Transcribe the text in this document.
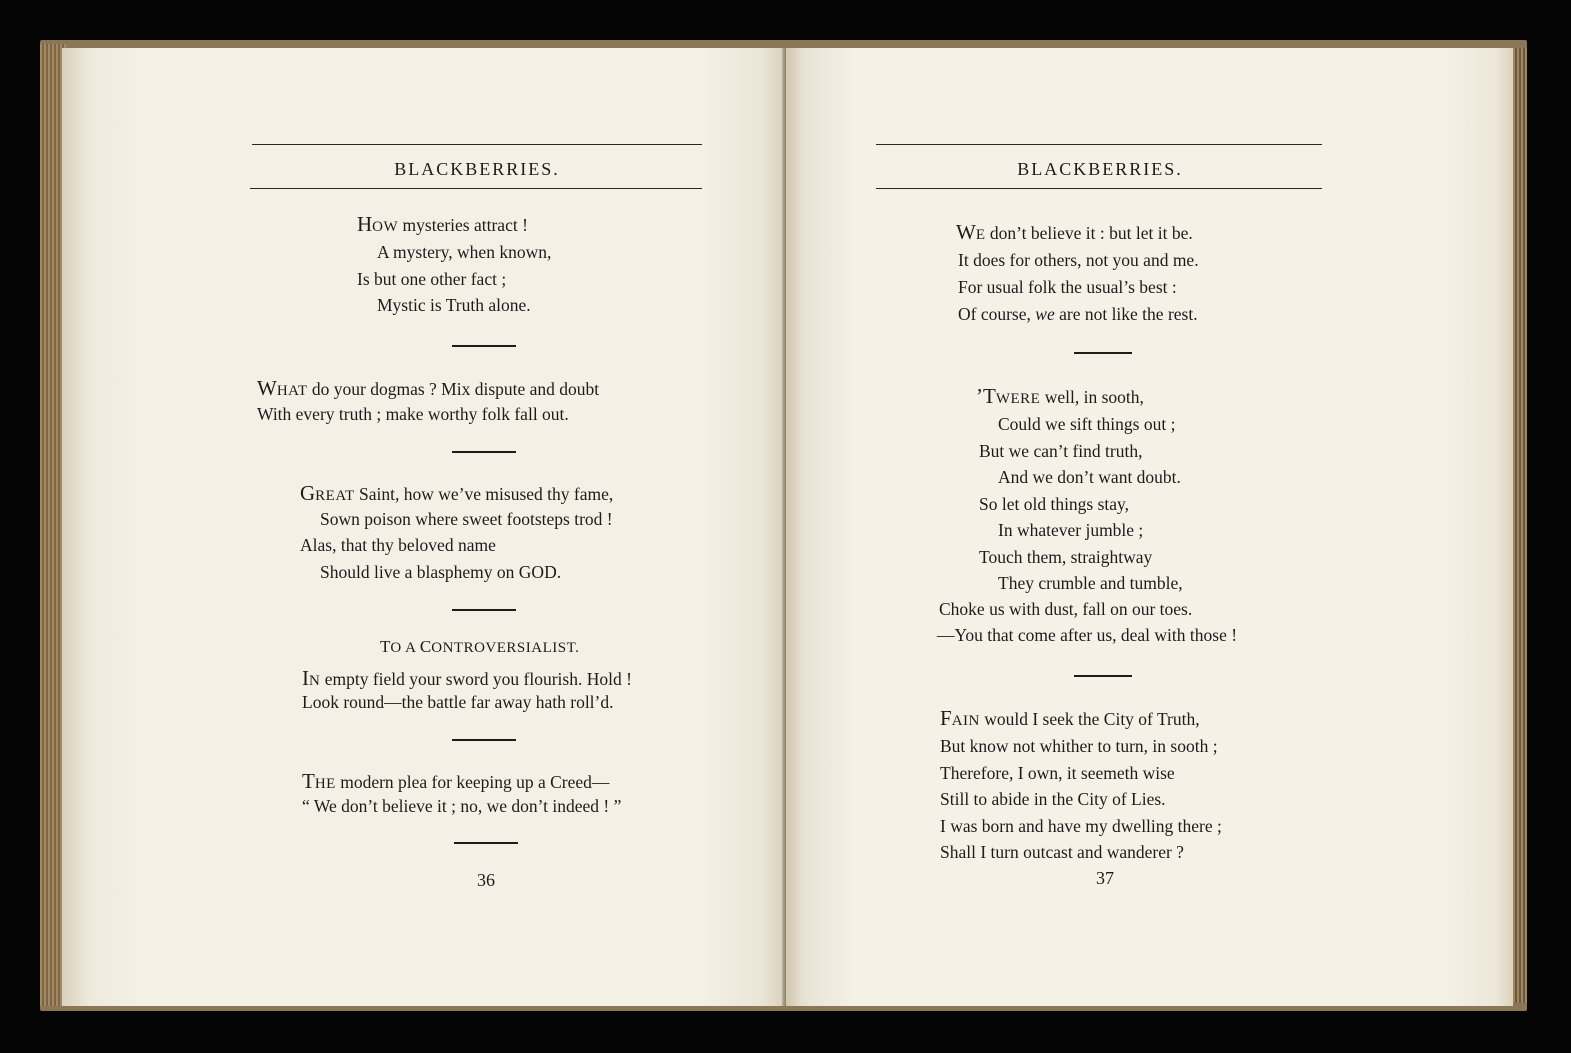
BLACKBERRIES.
HOW mysteries attract !
A mystery, when known,
Is but one other fact ;
Mystic is Truth alone.
WHAT do your dogmas ? Mix dispute and doubt
With every truth ; make worthy folk fall out.
GREAT Saint, how we’ve misused thy fame,
Sown poison where sweet footsteps trod !
Alas, that thy beloved name
Should live a blasphemy on GOD.
TO A CONTROVERSIALIST.
IN empty field your sword you flourish. Hold !
Look round—the battle far away hath roll’d.
THE modern plea for keeping up a Creed—
“ We don’t believe it ; no, we don’t indeed ! ”
36
BLACKBERRIES.
WE don’t believe it : but let it be.
It does for others, not you and me.
For usual folk the usual’s best :
Of course, we are not like the rest.
’TWERE well, in sooth,
Could we sift things out ;
But we can’t find truth,
And we don’t want doubt.
So let old things stay,
In whatever jumble ;
Touch them, straightway
They crumble and tumble,
Choke us with dust, fall on our toes.
—You that come after us, deal with those !
FAIN would I seek the City of Truth,
But know not whither to turn, in sooth ;
Therefore, I own, it seemeth wise
Still to abide in the City of Lies.
I was born and have my dwelling there ;
Shall I turn outcast and wanderer ?
37
